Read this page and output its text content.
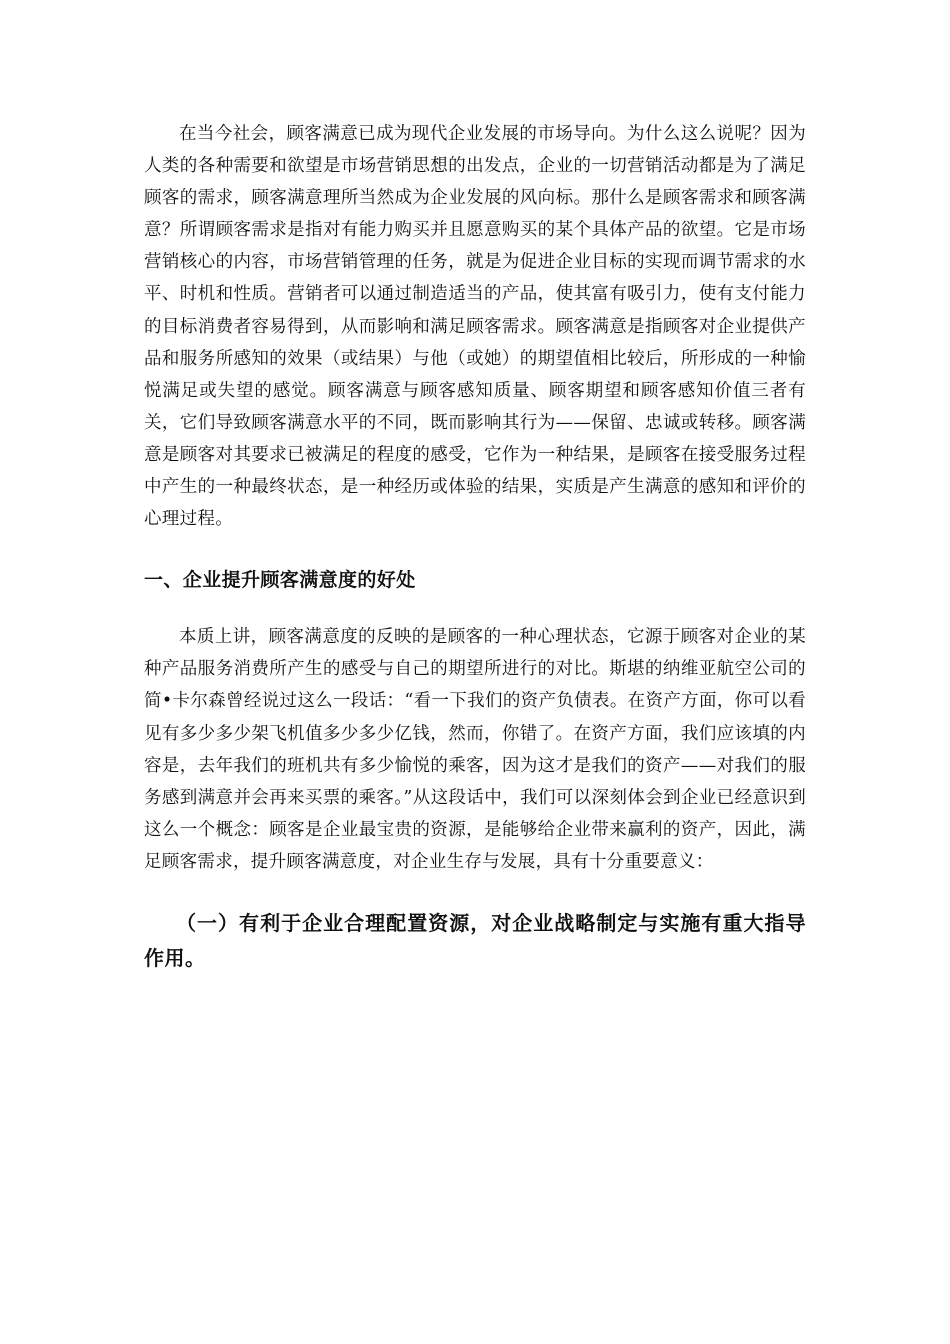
在当今社会，顾客满意已成为现代企业发展的市场导向。为什么这么说呢？因为人类的各种需要和欲望是市场营销思想的出发点，企业的一切营销活动都是为了满足顾客的需求，顾客满意理所当然成为企业发展的风向标。那什么是顾客需求和顾客满意？所谓顾客需求是指对有能力购买并且愿意购买的某个具体产品的欲望。它是市场营销核心的内容，市场营销管理的任务，就是为促进企业目标的实现而调节需求的水平、时机和性质。营销者可以通过制造适当的产品，使其富有吸引力，使有支付能力的目标消费者容易得到，从而影响和满足顾客需求。顾客满意是指顾客对企业提供产品和服务所感知的效果（或结果）与他（或她）的期望值相比较后，所形成的一种愉悦满足或失望的感觉。顾客满意与顾客感知质量、顾客期望和顾客感知价值三者有关，它们导致顾客满意水平的不同，既而影响其行为——保留、忠诚或转移。顾客满意是顾客对其要求已被满足的程度的感受，它作为一种结果，是顾客在接受服务过程中产生的一种最终状态，是一种经历或体验的结果，实质是产生满意的感知和评价的心理过程。

一、企业提升顾客满意度的好处

本质上讲，顾客满意度的反映的是顾客的一种心理状态，它源于顾客对企业的某种产品服务消费所产生的感受与自己的期望所进行的对比。斯堪的纳维亚航空公司的简•卡尔森曾经说过这么一段话：“看一下我们的资产负债表。在资产方面，你可以看见有多少多少架飞机值多少多少亿钱，然而，你错了。在资产方面，我们应该填的内容是，去年我们的班机共有多少愉悦的乘客，因为这才是我们的资产——对我们的服务感到满意并会再来买票的乘客。”从这段话中，我们可以深刻体会到企业已经意识到这么一个概念：顾客是企业最宝贵的资源，是能够给企业带来赢利的资产，因此，满足顾客需求，提升顾客满意度，对企业生存与发展，具有十分重要意义：

（一）有利于企业合理配置资源，对企业战略制定与实施有重大指导作用。
